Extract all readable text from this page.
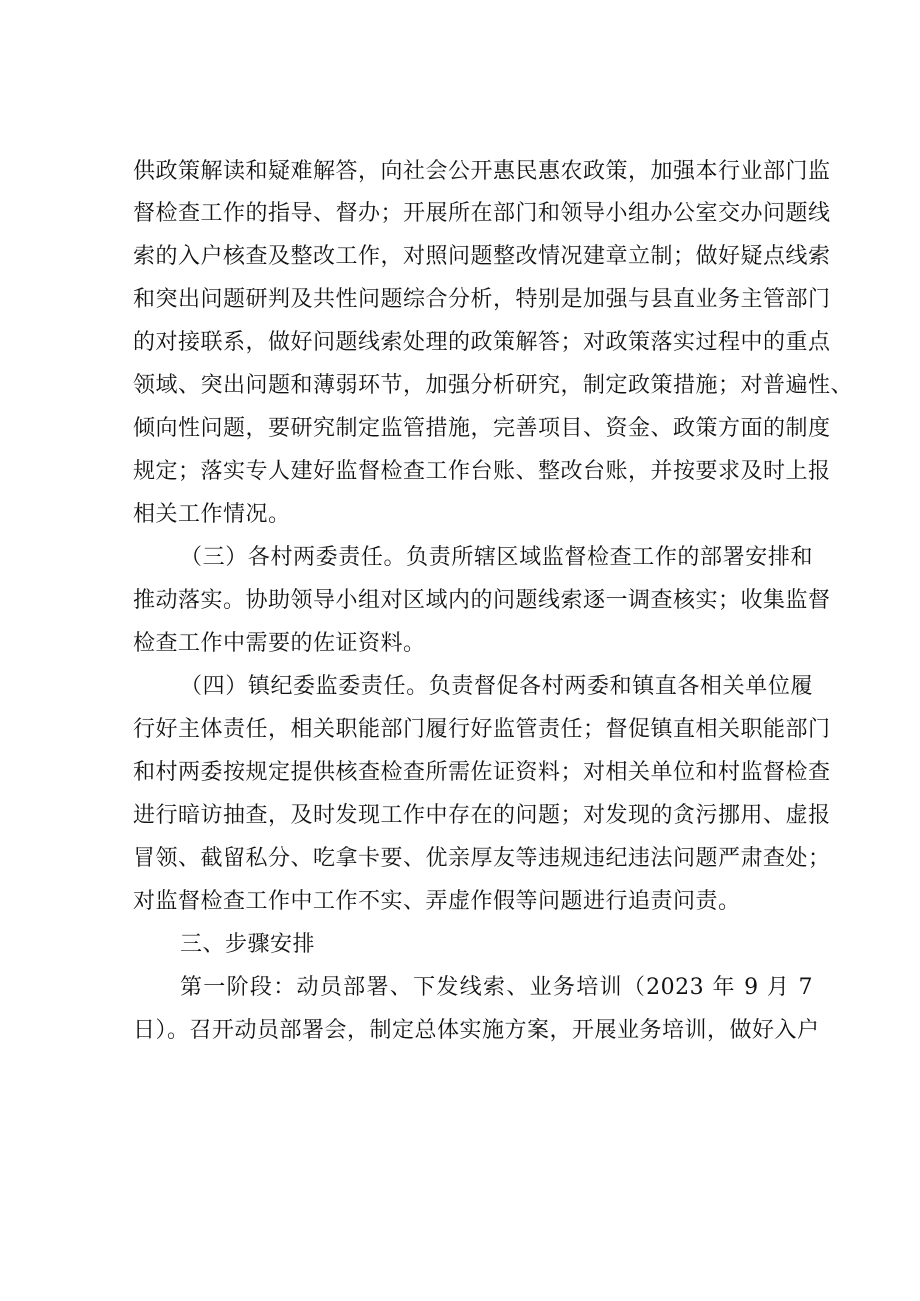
供政策解读和疑难解答，向社会公开惠民惠农政策，加强本行业部门监
督检查工作的指导、督办；开展所在部门和领导小组办公室交办问题线
索的入户核查及整改工作，对照问题整改情况建章立制；做好疑点线索
和突出问题研判及共性问题综合分析，特别是加强与县直业务主管部门
的对接联系，做好问题线索处理的政策解答；对政策落实过程中的重点
领域、突出问题和薄弱环节，加强分析研究，制定政策措施；对普遍性、
倾向性问题，要研究制定监管措施，完善项目、资金、政策方面的制度
规定；落实专人建好监督检查工作台账、整改台账，并按要求及时上报
相关工作情况。
（三）各村两委责任。负责所辖区域监督检查工作的部署安排和
推动落实。协助领导小组对区域内的问题线索逐一调查核实；收集监督
检查工作中需要的佐证资料。
（四）镇纪委监委责任。负责督促各村两委和镇直各相关单位履
行好主体责任，相关职能部门履行好监管责任；督促镇直相关职能部门
和村两委按规定提供核查检查所需佐证资料；对相关单位和村监督检查
进行暗访抽查，及时发现工作中存在的问题；对发现的贪污挪用、虚报
冒领、截留私分、吃拿卡要、优亲厚友等违规违纪违法问题严肃查处；
对监督检查工作中工作不实、弄虚作假等问题进行追责问责。
三、步骤安排
第一阶段：动员部署、下发线索、业务培训（2023 年 9 月 7
日）。召开动员部署会，制定总体实施方案，开展业务培训，做好入户
